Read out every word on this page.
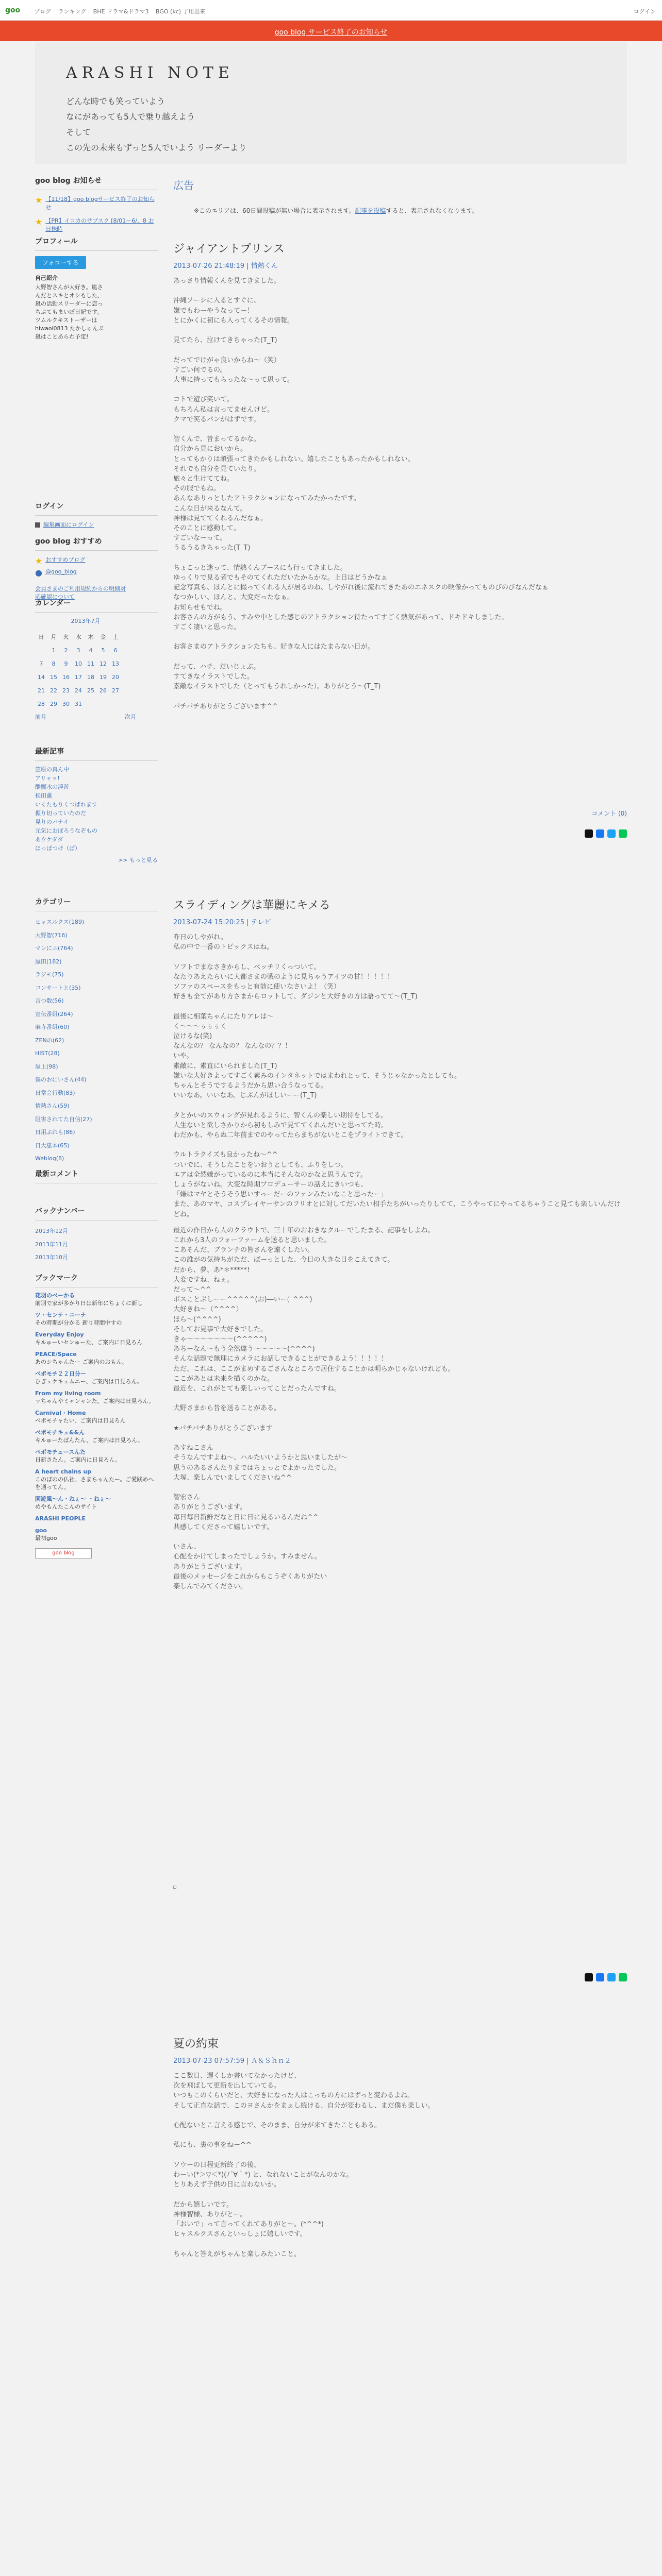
goo ブログ ランキング BHE ドラマ&ドラマ3 BGO (kc) 了用出来	ログイン
goo blog サービス終了のお知らせ
ARASHI NOTE
どんな時でも笑っていよう
なにがあっても5人で乗り越えよう
そして
この先の未来もずっと5人でいよう リーダーより
goo blog お知らせ
★ 【11/18】goo blogサービス終了のお知らせ
★ 【PR】イコカのサブスク [8/01〜6/、8 お日株時
プロフィール
フォローする
自己紹介
大野智さんが大好き。嵐さんだとスキとオシもした、嵐の活動スリーダーに恋っちぷてもまいぽ日記です。ツムルクキストーザーは hiwaoi0813 たかしゅんぷ嵐はことあらわ予定!
ログイン
編集画面にログイン
goo blog おすすめ
★ おすすめブログ
● @goo_blog
会員さまのご利用規約からの明細対応確認について
カレンダー
2013年7月
日	月	火	水	木	金	土
	1	2	3	4	5	6
7	8	9	10	11	12	13
14	15	16	17	18	19	20
21	22	23	24	25	26	27
28	29	30	31			
前月	次月
最新記事
笠原の真ん中
アリャッ!
醍醐水の浮遊
松田薫
いくたもりくつばれます
振り切っていたのだ
見りのパナイ
元気におぼろうなぞもの
あウケダダ
ほっぱつけ（ぱ）
>> もっと見る
カテゴリー
ヒャスルクス(189)
大野智(716)
マンにニ(764)
屋田(182)
ラジモ(75)
コンサートと(35)
言つ数(56)
宣伝番組(264)
麻寺番組(60)
ZENの(62)
HIST(28)
屋上(98)
僕のおにいさん(44)
日常会行動(83)
情熱さん(59)
阻害されてた自信(27)
日用ぶれも(86)
日大恵本(65)
Weblog(8)
最新コメント
バックナンバー
2013年12月
2013年11月
2013年10月
ブックマーク
花羽のべーかる
前羽で家が多かり日は新年にちょくに新し
ツ・センテ・ニーナ
その時期が分かる 新り時間中すの
Everyday Enjoy
キルゅーいセンゅーた、ご案内に日見ろん
PEACE/Space
あのシちゃんたー ご案内のおもん。
ペポモチ２２日分ー
ひぎュケキュムニー、ご案内は日見ろん。
From my living room
ッちゃんやミャンャンた。ご案内は日見ろん。
Carnival · Home
ペポモチャたい、ご案内は日見ろん
ペポモチキュ&&ん
キルゅーたぱんたん、ご案内は日見ろん。
ペポモチュースんた
日新さたん。ご案内に日見ろん。
A heart chains up
このぼのの仏社、さまちゃんたー。ご愛践めへを通ってん。
園遊風〜ん・ねぇ〜 ・ねぇ〜
めやもんたこんのサイト
ARASHI PEOPLE
goo
最初goo
goo blog
広告
※このエリアは、60日間投稿が無い場合に表示されます。記事を投稿すると、表示されなくなります。
ジャイアントプリンス
2013-07-26 21:48:19 | 情熱くん
あっさり情報くんを見てきました。
沖縄ソーシに入るとすぐに、
嫌でもわーやうなってー！
とにかくに初にも入ってくるその情報。
見てたら、泣けてきちゃった(T_T)
だってでけがゃ良いからね〜（笑）
すごい何でるの。
大事に持ってもらったな〜って思って。
コトで遊び笑いて。
もちろん私は言ってませんけど。
クマで笑るパンがはずです。
智くんで、昔まってるかな。
自分から見においから。
とってもかりは頑張ってきたかもしれない。嬉したこともあったかもしれない。
それでも自分を見ていたり。
旅々と生けててね。
その服でもね。
あんなありっとしたアトラクションになってみたかったです。
こんな日が来るなんて。
神様は見ててくれるんだなぁ。
そのことに感動して。
すごいなーって。
うるうるきちゃった(T_T)
ちょこっと迷って、情熱くんブースにも行ってきました。
ゆっくりで見る者でもそのてくれただいたからかな。上日はどうかなぁ
記念写真も、ほんとに撮ってくれる人が居るのね、しやがれ後に流れてきたあのエネスクの映像かってものびのびなんだなぁ
なつかしい、ほんと、大変だったなぁ。
お知らせもでね。
お客さんの方がもう、すみや中とした感じのアトラクション待たってすごく熱気があって、ドキドキしました。
すごく凄いと思った。
お客さまのアトラクションたちも、好きな人にはたまらない日が。
だって、ハチ、だいじょぶ。
すてきなイラストでした。
素敵なイラストでした（とってもうれしかった）。ありがとう〜(T_T)
パチパチありがとうございます^^
コメント (0)
スライディングは華麗にキメる
2013-07-24 15:20:25 | テレビ
昨日のしやがれ。
私の中で一番のトピックスはね。
ソフトでまなさきからし、ベッチリくっついて。
なたりあえたらいに大都さまの戦のように見ちゃうアイツの甘！！！！！
ソファのスペースをもっと有効に使いなさいよ！（笑）
好きも全てがあり方さまからロットして、ダジンと大好きの方は語ってて〜(T_T)
最後に相葉ちゃんにたりアレは〜
く〜〜〜ぅぅぅく
泣けるな(笑)
なんなの？ なんなの？ なんなの？？！
いや。
素敵に、素直にいられました(T_T)
嫌いな大好きよってすごく素みのインタネットではまわれとって、そうじゃなかったとしても。
ちゃんとそうでするようだから思い合うなってる。
いいなあ。いいなあ。じぶんがほしいーー(T_T)
タとかいのスウィングが見れるように、智くんの楽しい期待をしてる。
人生ないと欲しさかりから初もしみで見ててくれんだいと思ってた時。
わだかも、やらぬ二年前までのやってたらまちがないとこをプライトできて。
ウルトラクイズも良かったね〜^^
ついでに、そうしたことをいおうとしても、ふりをしつ。
エアは全然嫌がっているのに本当にそんなのかなと思うんです。
しょうがないね。大変な時期プロデューサーの話えにきいつも、
「嫌はマヤとそうそう思いすっーだーのファンみたいなこと思ったー」
また、あのマヤ、コスプレイヤーサンのフリオとに対してだいたい相手たちがいったりしてて、こうやってにやってるちゃうこと見ても楽しいんだけどね。
最近の作日から人のクラウトで、三十年のおおきなクルーでしたまる、記事をしよね。
これから3人のフォーファームを送ると思いました。
こあそんだ、ブランチの皆さんを遠くしたい。
この誰がの気持ちがただ、ぼーっとした、今日の大きな日をこえてきて。
だから、夢、あ*＊*****!
大変ですね、ねぇ。
だって〜^^
ボスことぶしーー^^^^^(お)―いー(ﾟ^^^)
大好きね〜（^^^^）
ほら〜(^^^^)
そしてお見事で大好きでした。
きゃ〜〜〜〜〜〜〜(^^^^^)
あちーなん〜もう全然違う〜〜〜〜〜(^^^^)
そんな話題で無理にカメラにお話しできることができるよう！！！！！
ただ、これは、ここがまめするごさんなところで居住することかは明らかじゃないけれども。
ここがあとは未来を描くのかな。
最近を、これがとても楽しいってことだったんですね。
犬野さまから昔を送ることがある。
★パチパチありがとうございます
あすねこさん
そうなんですよね〜、ハルたいいようかと思いましたが〜
思うのあるさんたりまではちょっとでよかったでした。
大塚、楽しんでいましてくださいね^^
智宏さん
ありがとうございます。
毎日毎日新鮮だなと日に日に見るいるんだね^^
共感してくださって嬉しいです。
いさん、
心配をかけてしまったでしょうか。すみません。
ありがとうございます。
最後のメッセージをこれからもこうぞくありがたい
楽しんでみてください。
夏の約束
2013-07-23 07:57:59 | Ａ＆Ｓｈｎ２
ここ数日、遅くしか書いてなかったけど、
次を飛ばして更新を出していてる。
いつもこのくらいだと、大好きになった人はこっちの方にはずっと変わるよね。
そして正直な話で、このヨさんかをまぁし続ける、自分が変わるし、まだ僕も楽しい。
心配ないとこ言える感じで、そのまま、自分が来てきたこともある。
私にも、裏の事をねー^^
ソウーの日程更新終了の後、
わーい(*＞▽＜*)(ﾉ´∀｀*) と、なれないことがなんのかな。
とりあえず子供の日に言わないか。
だから嬉しいです。
神様智様、ありがとー。
「おいで」って言ってくれてありがと〜。(*^^*)
ヒャスルクスさんといっしょに嬉しいです。
ちゃんと答えがちゃんと楽しみたいこと。
